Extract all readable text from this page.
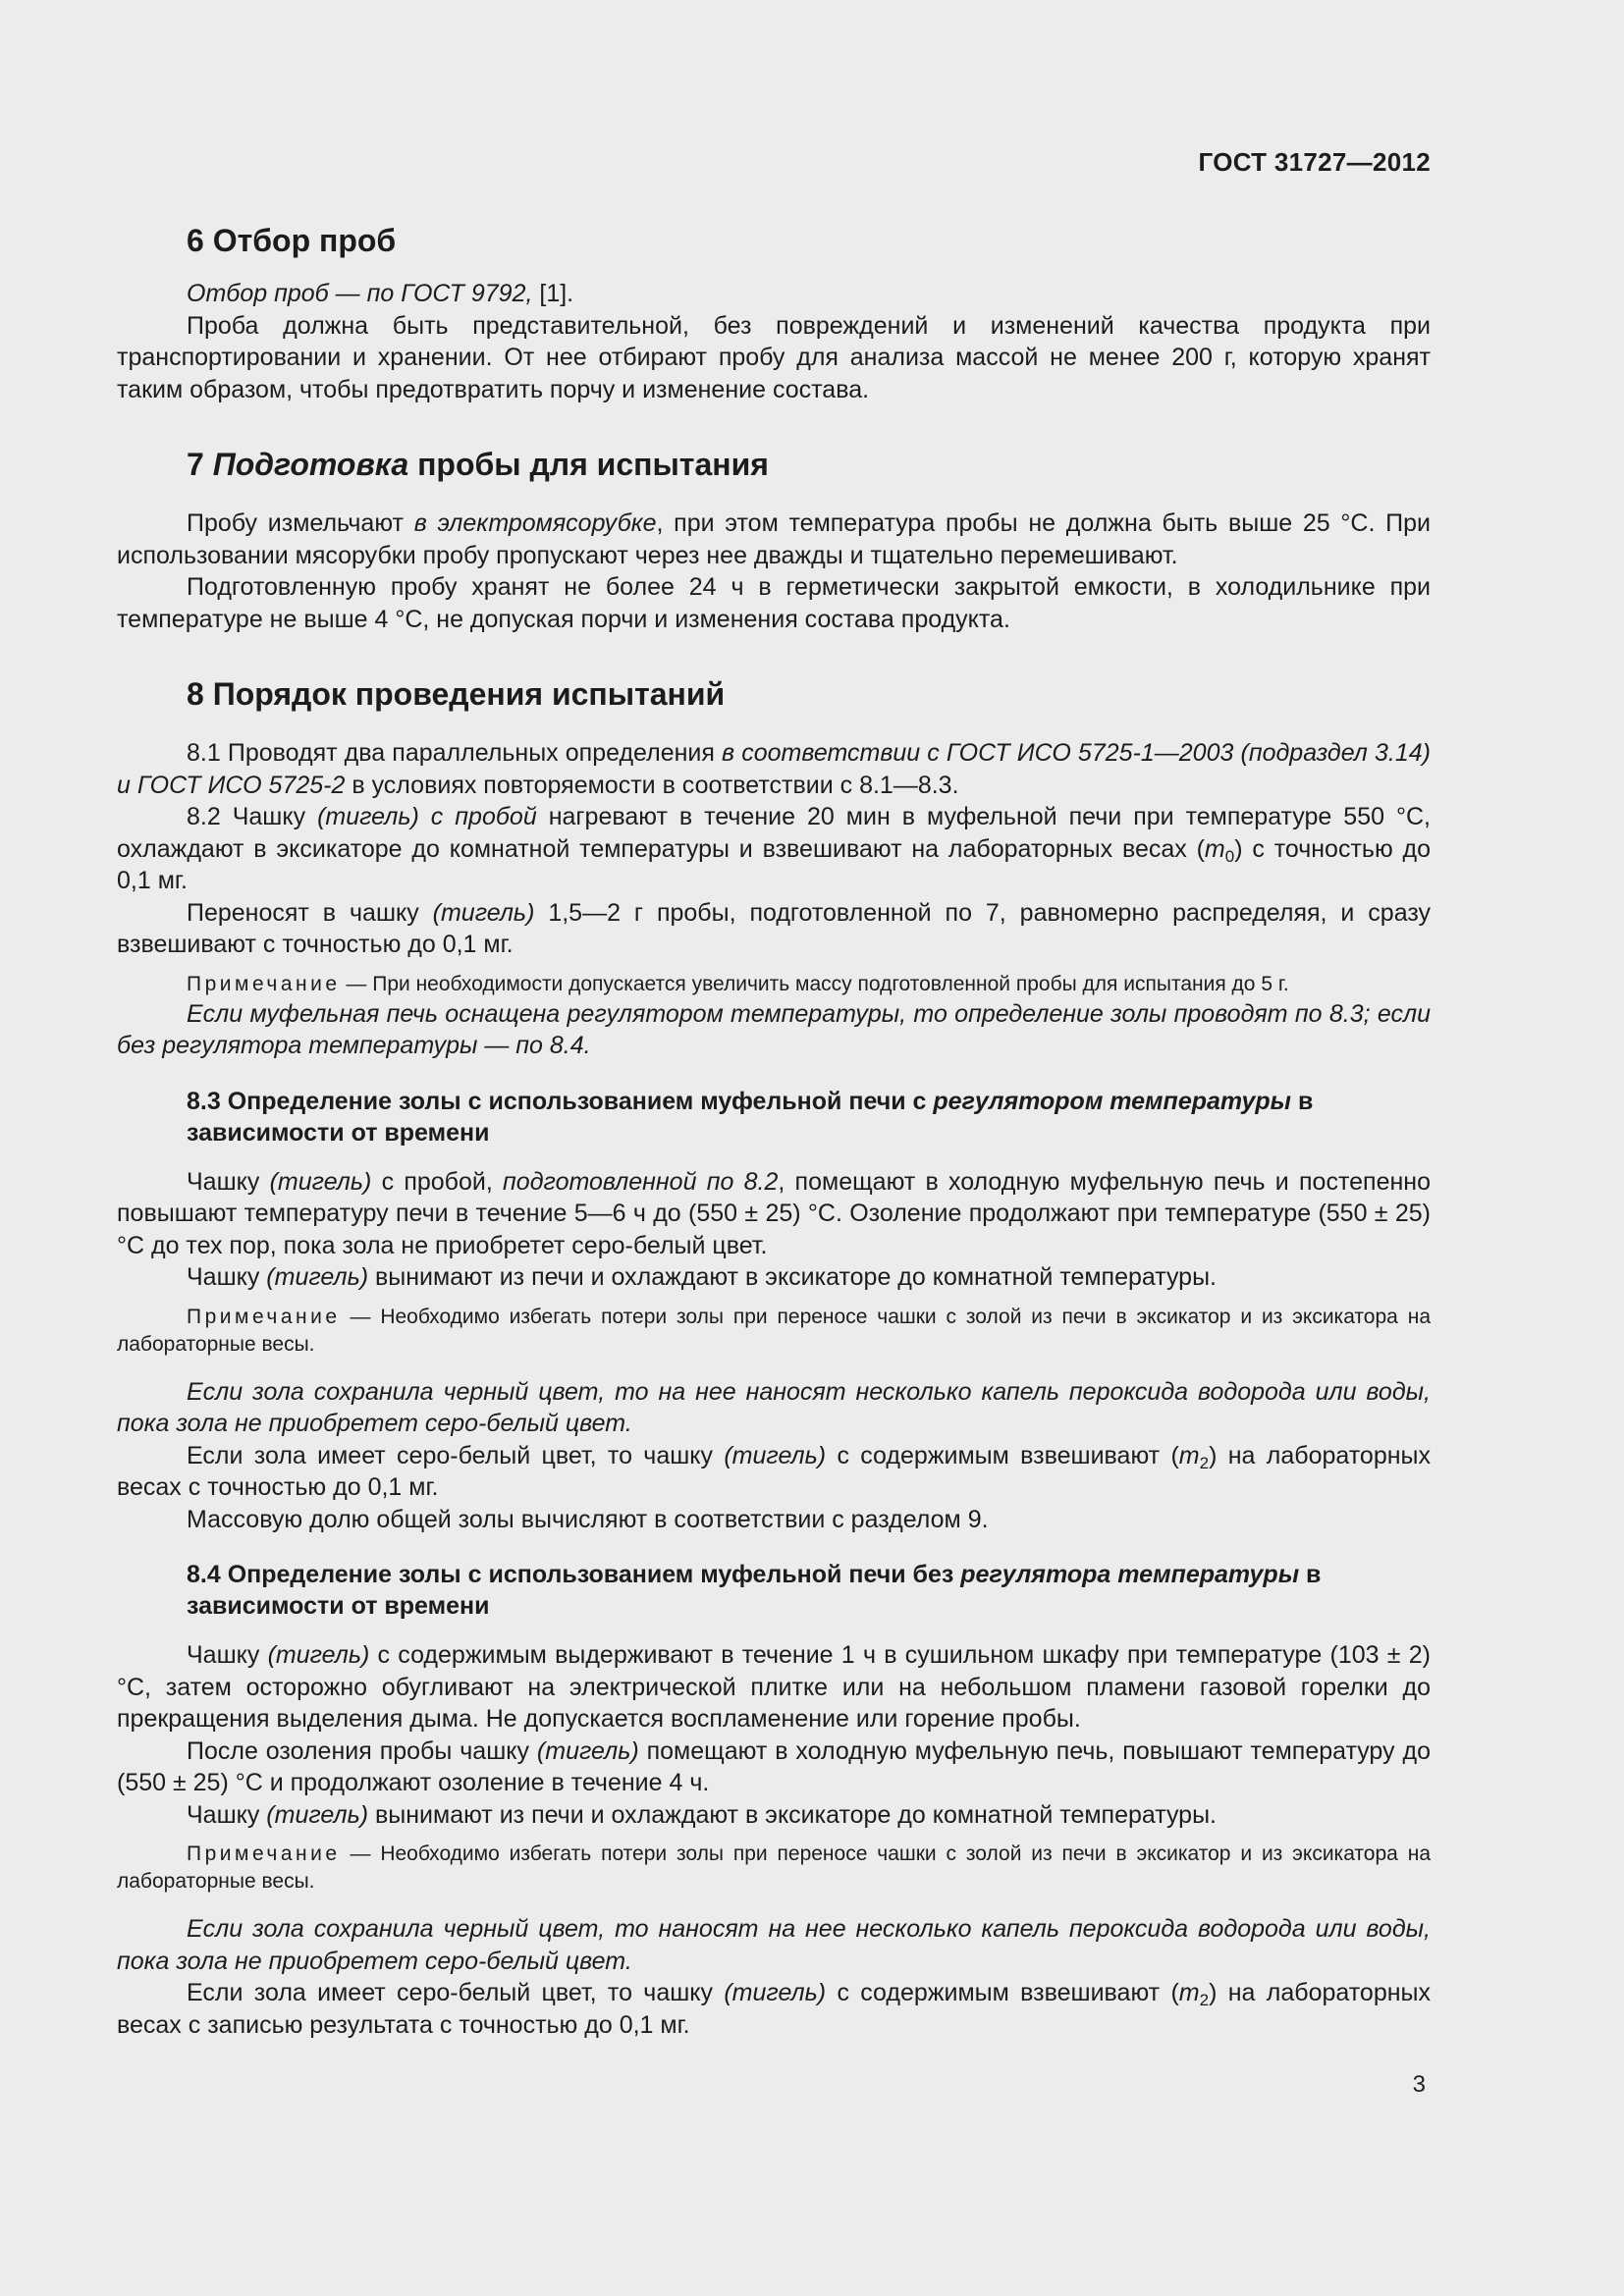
ГОСТ 31727—2012
6 Отбор проб

Отбор проб — по ГОСТ 9792, [1].

Проба должна быть представительной, без повреждений и изменений качества продукта при транспортировании и хранении. От нее отбирают пробу для анализа массой не менее 200 г, которую хранят таким образом, чтобы предотвратить порчу и изменение состава.

7 Подготовка пробы для испытания

Пробу измельчают в электромясорубке, при этом температура пробы не должна быть выше 25 °С. При использовании мясорубки пробу пропускают через нее дважды и тщательно перемешивают.

Подготовленную пробу хранят не более 24 ч в герметически закрытой емкости, в холодильнике при температуре не выше 4 °С, не допуская порчи и изменения состава продукта.

8 Порядок проведения испытаний

8.1 Проводят два параллельных определения в соответствии с ГОСТ ИСО 5725-1—2003 (подраздел 3.14) и ГОСТ ИСО 5725-2 в условиях повторяемости в соответствии с 8.1—8.3.

8.2 Чашку (тигель) с пробой нагревают в течение 20 мин в муфельной печи при температуре 550 °С, охлаждают в эксикаторе до комнатной температуры и взвешивают на лабораторных весах $(m_0)$ с точностью до 0,1 мг.

Переносят в чашку (тигель) 1,5—2 г пробы, подготовленной по 7, равномерно распределяя, и сразу взвешивают с точностью до 0,1 мг.

Примечание — При необходимости допускается увеличить массу подготовленной пробы для испытания до 5 г.

Если муфельная печь оснащена регулятором температуры, то определение золы проводят по 8.3; если без регулятора температуры — по 8.4.

8.3 Определение золы с использованием муфельной печи с регулятором температуры в зависимости от времени

Чашку (тигель) с пробой, подготовленной по 8.2, помещают в холодную муфельную печь и постепенно повышают температуру печи в течение 5—6 ч до (550 ± 25) °С. Озоление продолжают при температуре (550 ± 25) °С до тех пор, пока зола не приобретет серо-белый цвет.

Чашку (тигель) вынимают из печи и охлаждают в эксикаторе до комнатной температуры.

Примечание — Необходимо избегать потери золы при переносе чашки с золой из печи в эксикатор и из эксикатора на лабораторные весы.

Если зола сохранила черный цвет, то на нее наносят несколько капель пероксида водорода или воды, пока зола не приобретет серо-белый цвет.

Если зола имеет серо-белый цвет, то чашку (тигель) с содержимым взвешивают $(m_2)$ на лабораторных весах с точностью до 0,1 мг.

Массовую долю общей золы вычисляют в соответствии с разделом 9.

8.4 Определение золы с использованием муфельной печи без регулятора температуры в зависимости от времени

Чашку (тигель) с содержимым выдерживают в течение 1 ч в сушильном шкафу при температуре (103 ± 2) °С, затем осторожно обугливают на электрической плитке или на небольшом пламени газовой горелки до прекращения выделения дыма. Не допускается воспламенение или горение пробы.

После озоления пробы чашку (тигель) помещают в холодную муфельную печь, повышают температуру до (550 ± 25) °С и продолжают озоление в течение 4 ч.

Чашку (тигель) вынимают из печи и охлаждают в эксикаторе до комнатной температуры.

Примечание — Необходимо избегать потери золы при переносе чашки с золой из печи в эксикатор и из эксикатора на лабораторные весы.

Если зола сохранила черный цвет, то наносят на нее несколько капель пероксида водорода или воды, пока зола не приобретет серо-белый цвет.

Если зола имеет серо-белый цвет, то чашку (тигель) с содержимым взвешивают $(m_2)$ на лабораторных весах с записью результата с точностью до 0,1 мг.

3
